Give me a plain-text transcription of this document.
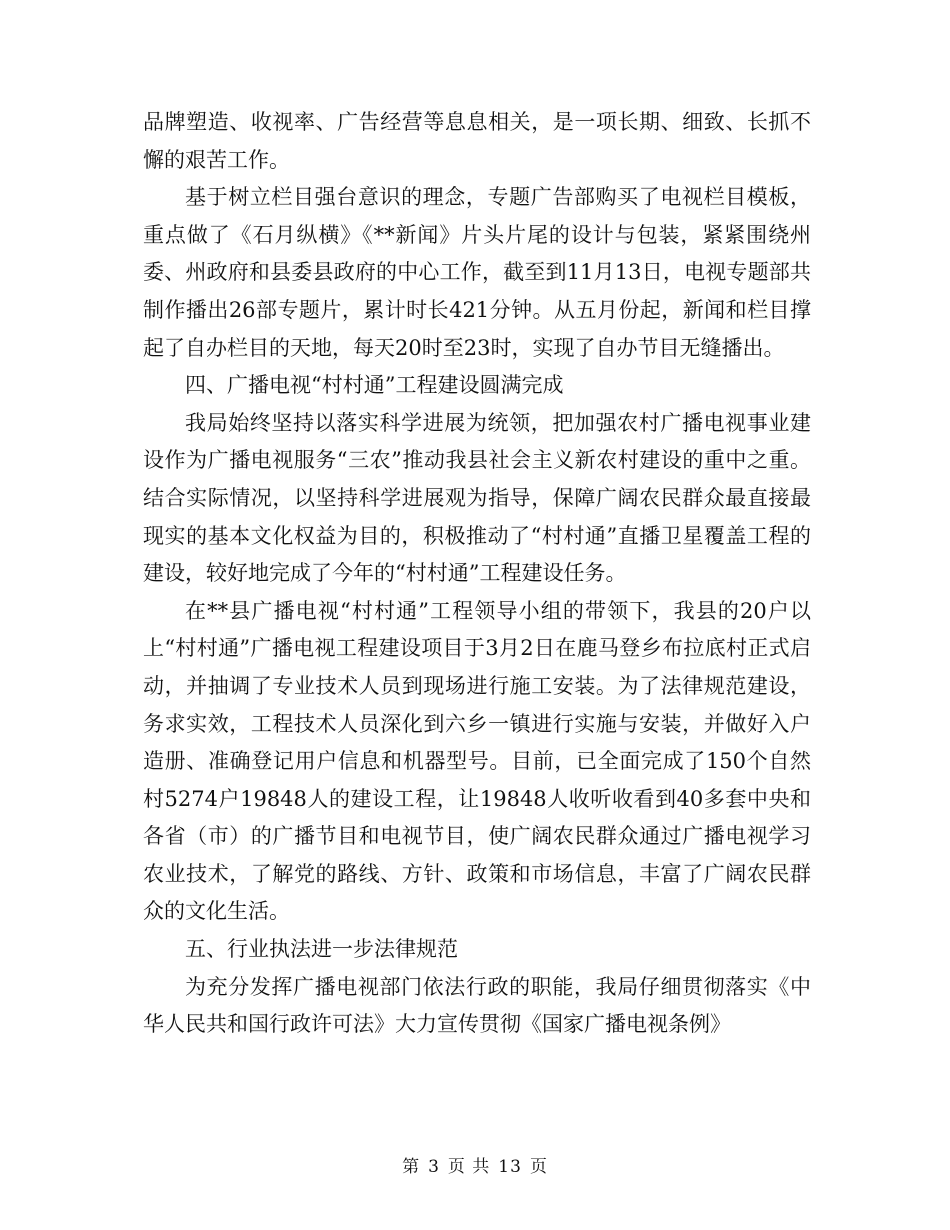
品牌塑造、收视率、广告经营等息息相关，是一项长期、细致、长抓不懈的艰苦工作。

基于树立栏目强台意识的理念，专题广告部购买了电视栏目模板，重点做了《石月纵横》《**新闻》片头片尾的设计与包装，紧紧围绕州委、州政府和县委县政府的中心工作，截至到11月13日，电视专题部共制作播出26部专题片，累计时长421分钟。从五月份起，新闻和栏目撑起了自办栏目的天地，每天20时至23时，实现了自办节目无缝播出。

四、广播电视“村村通”工程建设圆满完成

我局始终坚持以落实科学进展为统领，把加强农村广播电视事业建设作为广播电视服务“三农”推动我县社会主义新农村建设的重中之重。结合实际情况，以坚持科学进展观为指导，保障广阔农民群众最直接最现实的基本文化权益为目的，积极推动了“村村通”直播卫星覆盖工程的建设，较好地完成了今年的“村村通”工程建设任务。

在**县广播电视“村村通”工程领导小组的带领下，我县的20户以上“村村通”广播电视工程建设项目于3月2日在鹿马登乡布拉底村正式启动，并抽调了专业技术人员到现场进行施工安装。为了法律规范建设，务求实效，工程技术人员深化到六乡一镇进行实施与安装，并做好入户造册、准确登记用户信息和机器型号。目前，已全面完成了150个自然村5274户19848人的建设工程，让19848人收听收看到40多套中央和各省（市）的广播节目和电视节目，使广阔农民群众通过广播电视学习农业技术，了解党的路线、方针、政策和市场信息，丰富了广阔农民群众的文化生活。

五、行业执法进一步法律规范

为充分发挥广播电视部门依法行政的职能，我局仔细贯彻落实《中华人民共和国行政许可法》大力宣传贯彻《国家广播电视条例》

第 3 页 共 13 页
